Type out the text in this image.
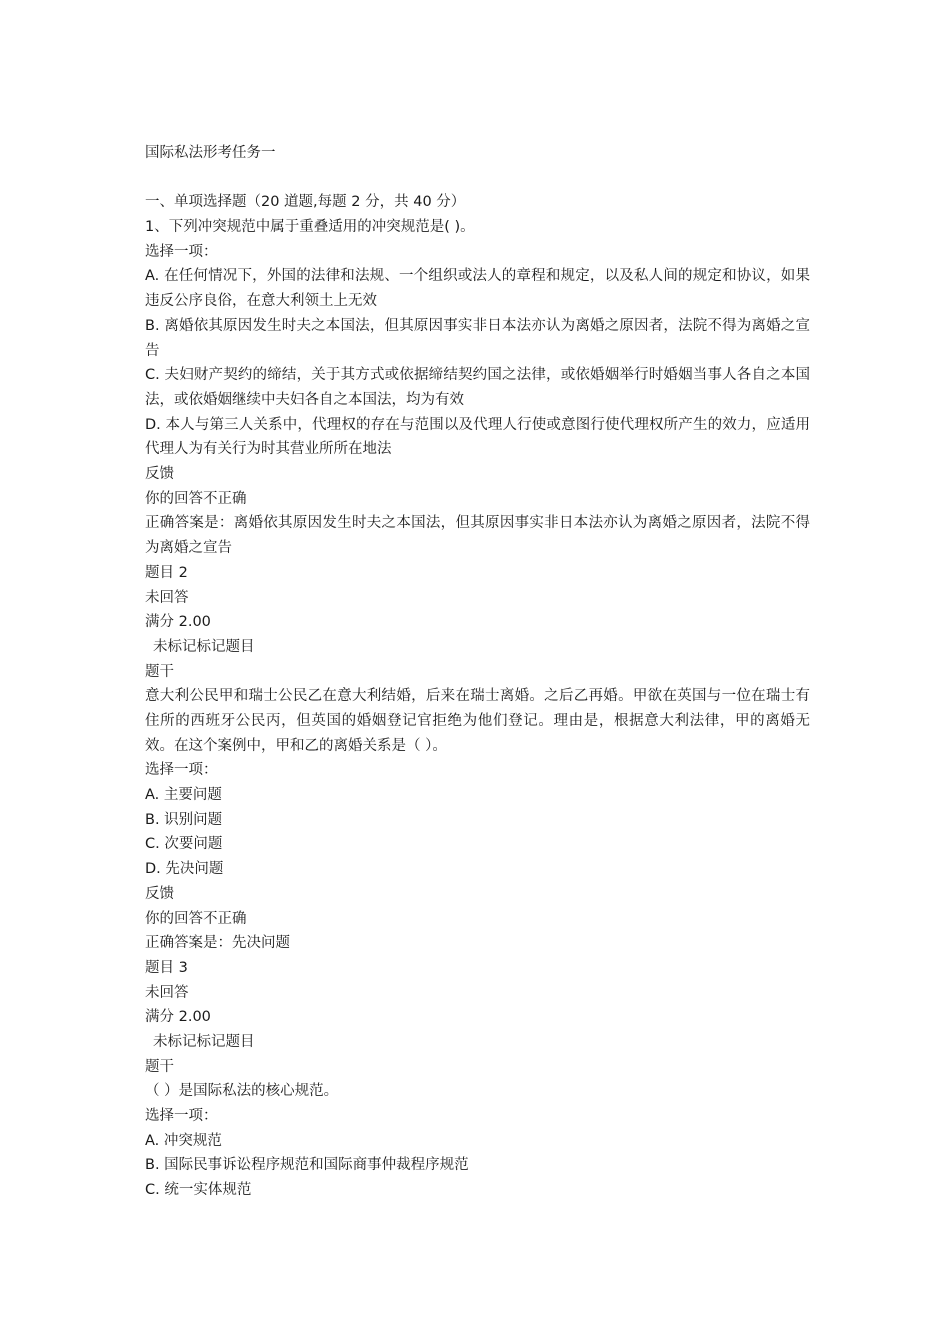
国际私法形考任务一
一、单项选择题（20 道题,每题 2 分，共 40 分）
1、下列冲突规范中属于重叠适用的冲突规范是( )。
选择一项：
A. 在任何情况下，外国的法律和法规、一个组织或法人的章程和规定，以及私人间的规定和协议，如果违反公序良俗，在意大利领土上无效
B. 离婚依其原因发生时夫之本国法，但其原因事实非日本法亦认为离婚之原因者，法院不得为离婚之宣告
C. 夫妇财产契约的缔结，关于其方式或依据缔结契约国之法律，或依婚姻举行时婚姻当事人各自之本国法，或依婚姻继续中夫妇各自之本国法，均为有效
D. 本人与第三人关系中，代理权的存在与范围以及代理人行使或意图行使代理权所产生的效力，应适用代理人为有关行为时其营业所所在地法
反馈
你的回答不正确
正确答案是：离婚依其原因发生时夫之本国法，但其原因事实非日本法亦认为离婚之原因者，法院不得为离婚之宣告
题目 2
未回答
满分 2.00
未标记标记题目
题干
意大利公民甲和瑞士公民乙在意大利结婚，后来在瑞士离婚。之后乙再婚。甲欲在英国与一位在瑞士有住所的西班牙公民丙，但英国的婚姻登记官拒绝为他们登记。理由是，根据意大利法律，甲的离婚无效。在这个案例中，甲和乙的离婚关系是（ ）。
选择一项：
A. 主要问题
B. 识别问题
C. 次要问题
D. 先决问题
反馈
你的回答不正确
正确答案是：先决问题
题目 3
未回答
满分 2.00
未标记标记题目
题干
（ ）是国际私法的核心规范。
选择一项：
A. 冲突规范
B. 国际民事诉讼程序规范和国际商事仲裁程序规范
C. 统一实体规范
